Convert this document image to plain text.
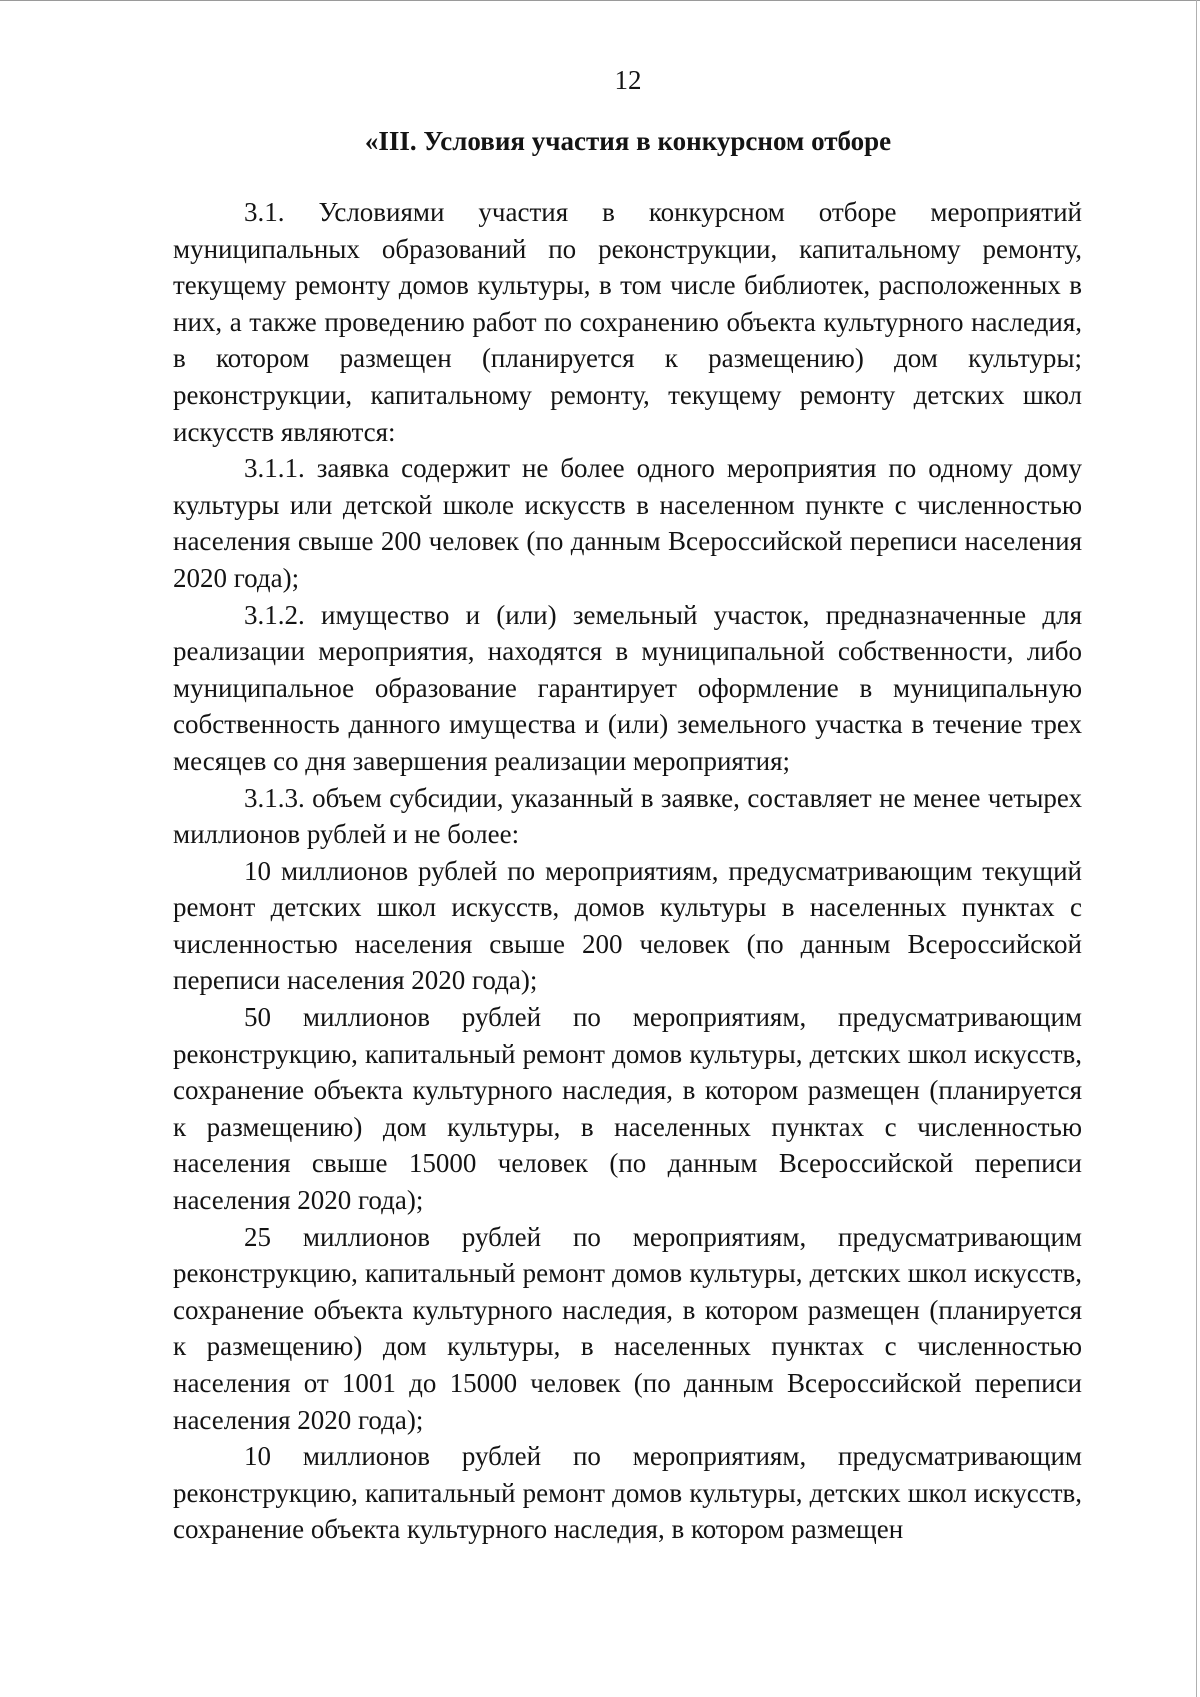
12
«III. Условия участия в конкурсном отборе

3.1. Условиями участия в конкурсном отборе мероприятий муниципальных образований по реконструкции, капитальному ремонту, текущему ремонту домов культуры, в том числе библиотек, расположенных в них, а также проведению работ по сохранению объекта культурного наследия, в котором размещен (планируется к размещению) дом культуры; реконструкции, капитальному ремонту, текущему ремонту детских школ искусств являются:

3.1.1. заявка содержит не более одного мероприятия по одному дому культуры или детской школе искусств в населенном пункте с численностью населения свыше 200 человек (по данным Всероссийской переписи населения 2020 года);

3.1.2. имущество и (или) земельный участок, предназначенные для реализации мероприятия, находятся в муниципальной собственности, либо муниципальное образование гарантирует оформление в муниципальную собственность данного имущества и (или) земельного участка в течение трех месяцев со дня завершения реализации мероприятия;

3.1.3. объем субсидии, указанный в заявке, составляет не менее четырех миллионов рублей и не более:

10 миллионов рублей по мероприятиям, предусматривающим текущий ремонт детских школ искусств, домов культуры в населенных пунктах с численностью населения свыше 200 человек (по данным Всероссийской переписи населения 2020 года);

50 миллионов рублей по мероприятиям, предусматривающим реконструкцию, капитальный ремонт домов культуры, детских школ искусств, сохранение объекта культурного наследия, в котором размещен (планируется к размещению) дом культуры, в населенных пунктах с численностью населения свыше 15000 человек (по данным Всероссийской переписи населения 2020 года);

25 миллионов рублей по мероприятиям, предусматривающим реконструкцию, капитальный ремонт домов культуры, детских школ искусств, сохранение объекта культурного наследия, в котором размещен (планируется к размещению) дом культуры, в населенных пунктах с численностью населения от 1001 до 15000 человек (по данным Всероссийской переписи населения 2020 года);

10 миллионов рублей по мероприятиям, предусматривающим реконструкцию, капитальный ремонт домов культуры, детских школ искусств, сохранение объекта культурного наследия, в котором размещен
